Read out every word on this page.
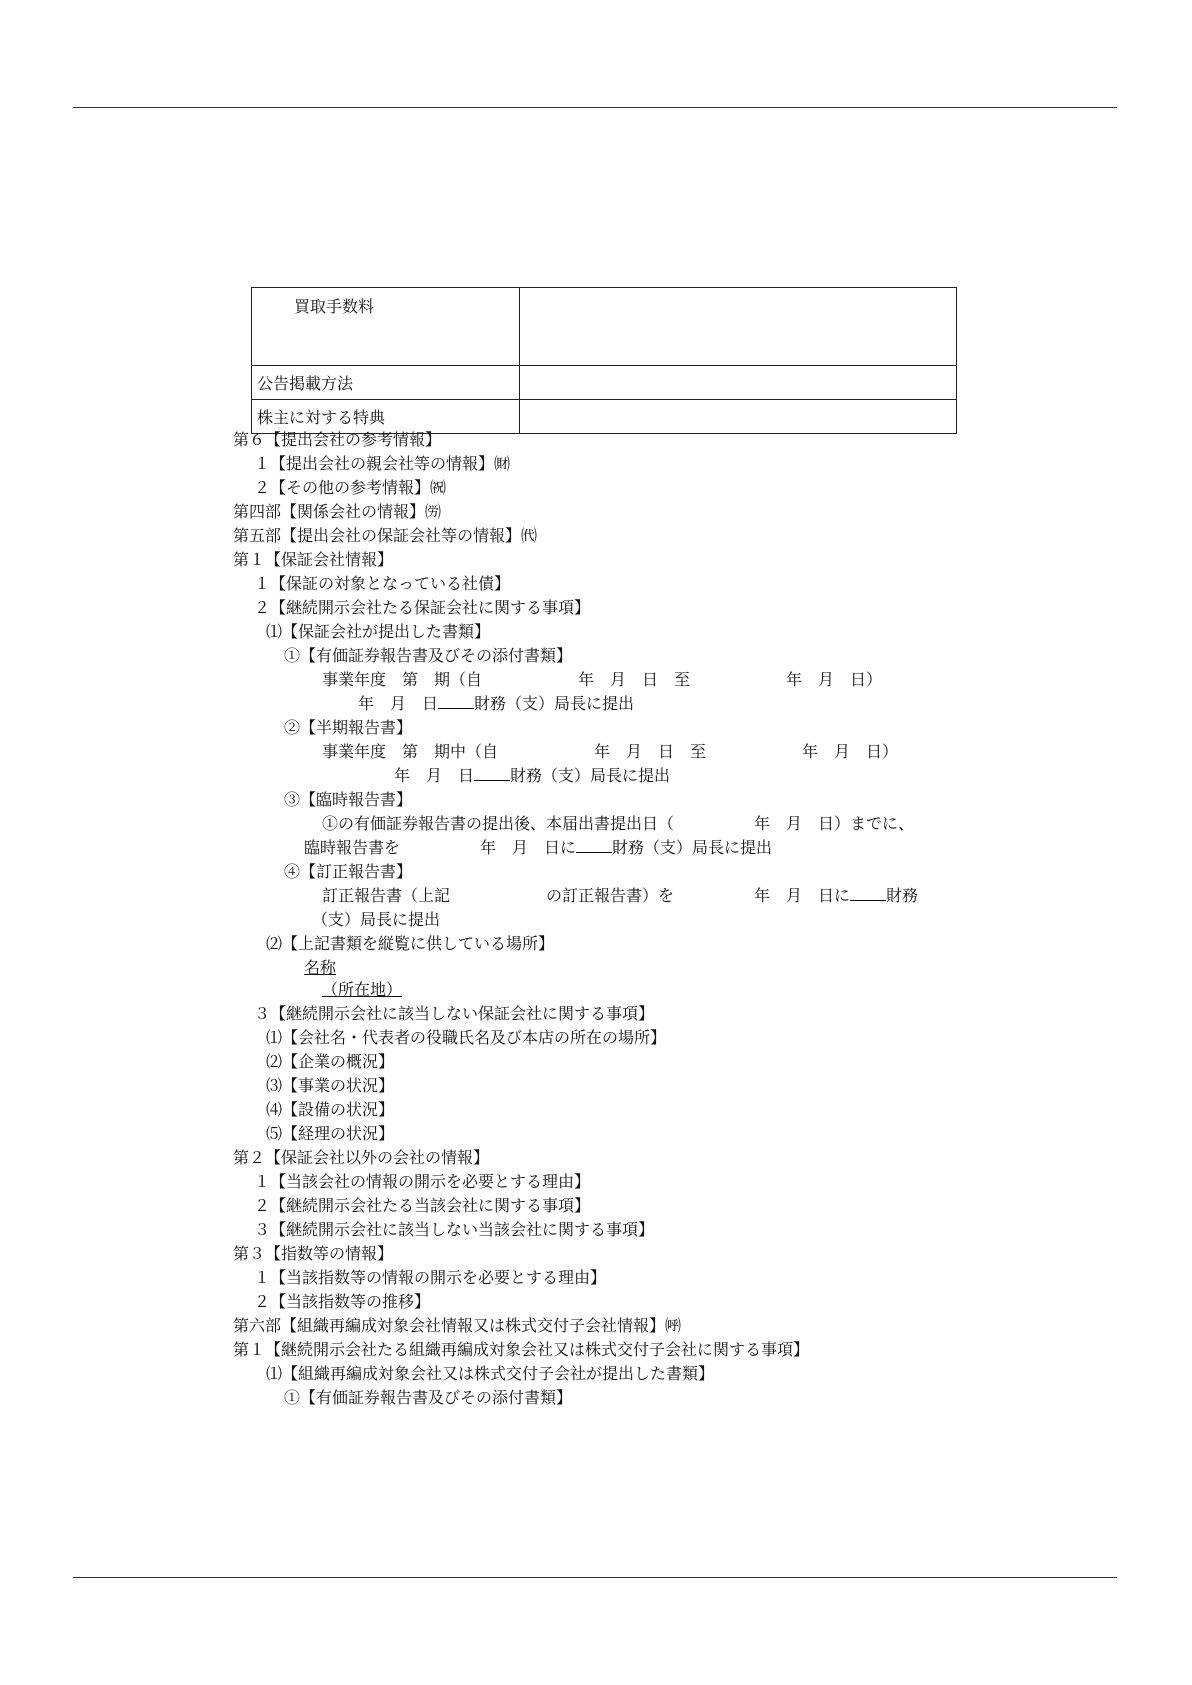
買取手数料	
公告掲載方法	
株主に対する特典	
第６【提出会社の参考情報】
１【提出会社の親会社等の情報】㈶
２【その他の参考情報】㈷
第四部【関係会社の情報】㈸
第五部【提出会社の保証会社等の情報】㈹
第１【保証会社情報】
１【保証の対象となっている社債】
２【継続開示会社たる保証会社に関する事項】
⑴【保証会社が提出した書類】
①【有価証券報告書及びその添付書類】
事業年度　第　期（自　　　　　　年　月　日　至　　　　　　年　月　日）
年　月　日 財務（支）局長に提出
②【半期報告書】
事業年度　第　期中（自　　　　　　年　月　日　至　　　　　　年　月　日）
年　月　日 財務（支）局長に提出
③【臨時報告書】
①の有価証券報告書の提出後、本届出書提出日（　　　　　年　月　日）までに、
臨時報告書を　　　　　年　月　日に 財務（支）局長に提出
④【訂正報告書】
訂正報告書（上記　　　　　　の訂正報告書）を　　　　　年　月　日に 財務
（支）局長に提出
⑵【上記書類を縦覧に供している場所】
名称
（所在地）
３【継続開示会社に該当しない保証会社に関する事項】
⑴【会社名・代表者の役職氏名及び本店の所在の場所】
⑵【企業の概況】
⑶【事業の状況】
⑷【設備の状況】
⑸【経理の状況】
第２【保証会社以外の会社の情報】
１【当該会社の情報の開示を必要とする理由】
２【継続開示会社たる当該会社に関する事項】
３【継続開示会社に該当しない当該会社に関する事項】
第３【指数等の情報】
１【当該指数等の情報の開示を必要とする理由】
２【当該指数等の推移】
第六部【組織再編成対象会社情報又は株式交付子会社情報】㈺
第１【継続開示会社たる組織再編成対象会社又は株式交付子会社に関する事項】
⑴【組織再編成対象会社又は株式交付子会社が提出した書類】
①【有価証券報告書及びその添付書類】
